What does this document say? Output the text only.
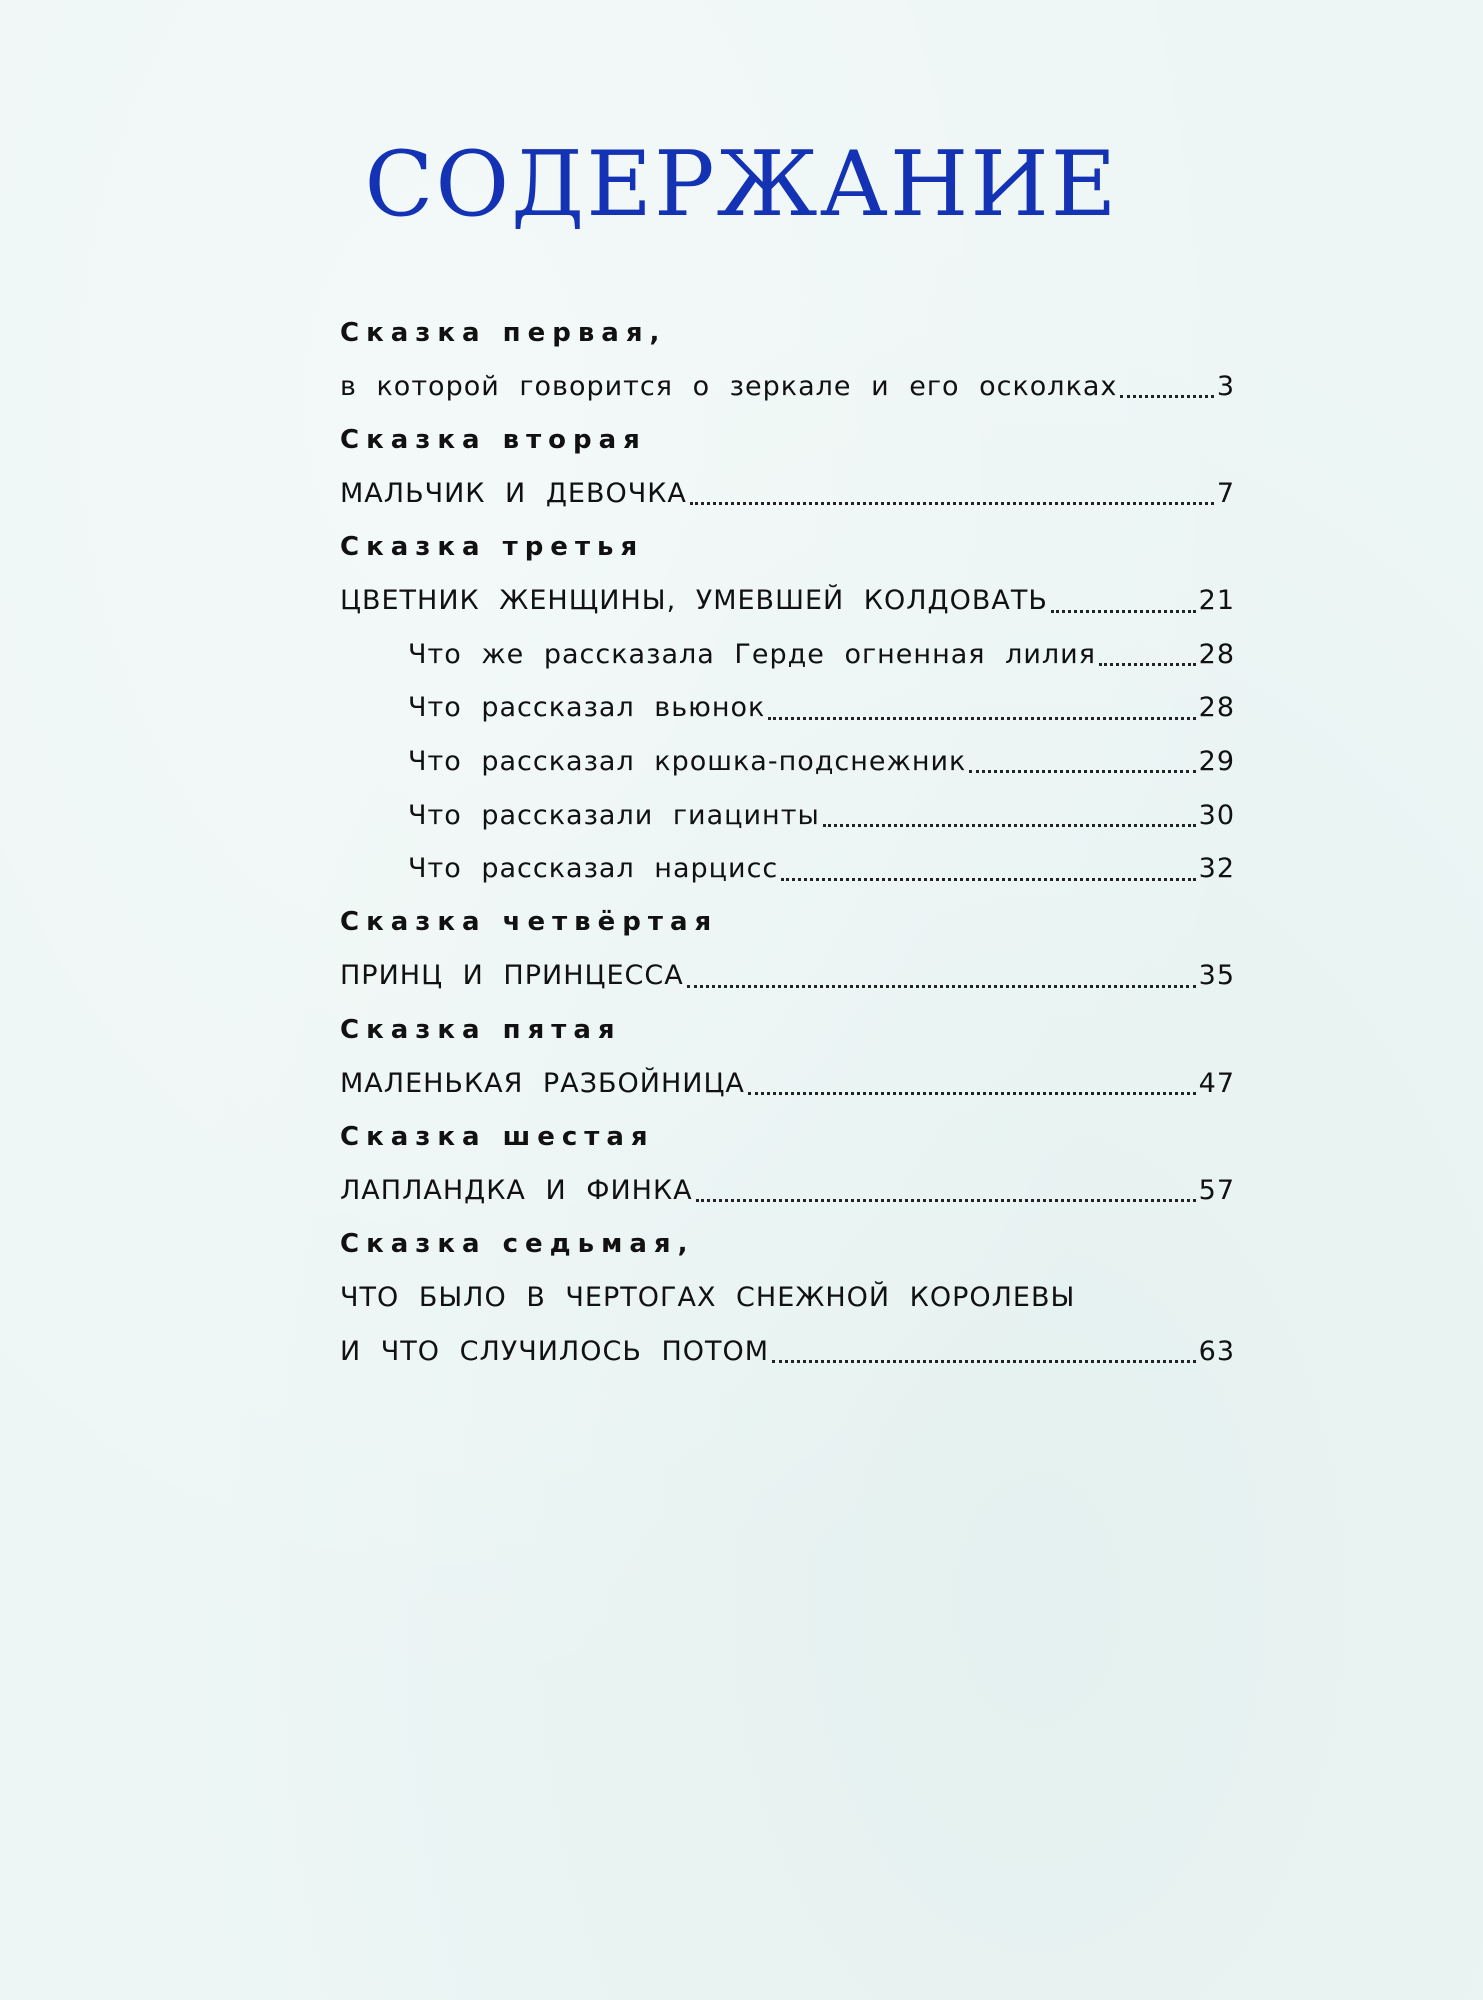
СОДЕРЖАНИЕ
Сказка первая,
в которой говорится о зеркале и его осколках	3
Сказка вторая
МАЛЬЧИК И ДЕВОЧКА	7
Сказка третья
ЦВЕТНИК ЖЕНЩИНЫ, УМЕВШЕЙ КОЛДОВАТЬ	21
Что же рассказала Герде огненная лилия	28
Что рассказал вьюнок	28
Что рассказал крошка-подснежник	29
Что рассказали гиацинты	30
Что рассказал нарцисс	32
Сказка четвёртая
ПРИНЦ И ПРИНЦЕССА	35
Сказка пятая
МАЛЕНЬКАЯ РАЗБОЙНИЦА	47
Сказка шестая
ЛАПЛАНДКА И ФИНКА	57
Сказка седьмая,
ЧТО БЫЛО В ЧЕРТОГАХ СНЕЖНОЙ КОРОЛЕВЫ
И ЧТО СЛУЧИЛОСЬ ПОТОМ	63
